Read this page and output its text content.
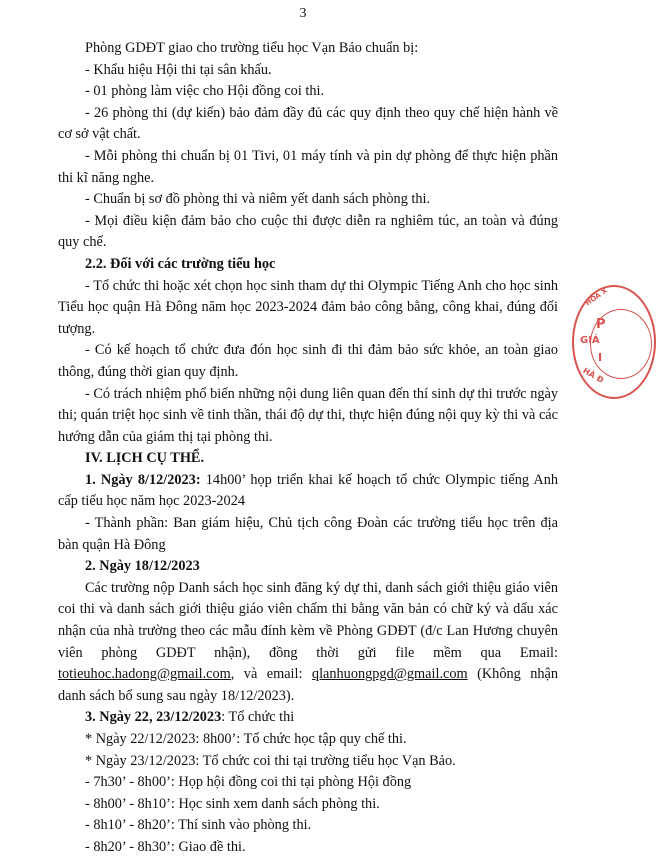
3

Phòng GDĐT giao cho trường tiểu học Vạn Bảo chuẩn bị:

- Khẩu hiệu Hội thi tại sân khấu.

- 01 phòng làm việc cho Hội đồng coi thi.

- 26 phòng thi (dự kiến) bảo đảm đầy đủ các quy định theo quy chế hiện hành về cơ sở vật chất.

- Mỗi phòng thi chuẩn bị 01 Tivi, 01 máy tính và pin dự phòng để thực hiện phần thi kĩ năng nghe.

- Chuẩn bị sơ đồ phòng thi và niêm yết danh sách phòng thi.

- Mọi điều kiện đảm bảo cho cuộc thi được diễn ra nghiêm túc, an toàn và đúng quy chế.

2.2. Đối với các trường tiểu học

- Tổ chức thi hoặc xét chọn học sinh tham dự thi Olympic Tiếng Anh cho học sinh Tiểu học quận Hà Đông năm học 2023-2024 đảm bảo công bằng, công khai, đúng đối tượng.

- Có kế hoạch tổ chức đưa đón học sinh đi thi đảm bảo sức khỏe, an toàn giao thông, đúng thời gian quy định.

- Có trách nhiệm phổ biến những nội dung liên quan đến thí sinh dự thi trước ngày thi; quán triệt học sinh về tinh thần, thái độ dự thi, thực hiện đúng nội quy kỳ thi và các hướng dẫn của giám thị tại phòng thi.

IV. LỊCH CỤ THỂ.

1. Ngày 8/12/2023: 14h00’ họp triển khai kế hoạch tổ chức Olympic tiếng Anh cấp tiểu học năm học 2023-2024

- Thành phần: Ban giám hiệu, Chủ tịch công Đoàn các trường tiểu học trên địa bàn quận Hà Đông

2. Ngày 18/12/2023

Các trường nộp Danh sách học sinh đăng ký dự thi, danh sách giới thiệu giáo viên coi thi và danh sách giới thiệu giáo viên chấm thi bằng văn bản có chữ ký và dấu xác nhận của nhà trường theo các mẫu đính kèm về Phòng GDĐT (đ/c Lan Hương chuyên viên phòng GDĐT nhận), đồng thời gửi file mềm qua Email: totieuhoc.hadong@gmail.com, và email: qlanhuongpgd@gmail.com (Không nhận danh sách bổ sung sau ngày 18/12/2023).

3. Ngày 22, 23/12/2023: Tổ chức thi

* Ngày 22/12/2023: 8h00’: Tổ chức học tập quy chế thi.

* Ngày 23/12/2023: Tổ chức coi thi tại trường tiểu học Vạn Bảo.

- 7h30’ - 8h00’: Họp hội đồng coi thi tại phòng Hội đồng

- 8h00’ - 8h10’: Học sinh xem danh sách phòng thi.

- 8h10’ - 8h20’: Thí sinh vào phòng thi.

- 8h20’ - 8h30’: Giao đề thi.

HÒA X
P
GIÁ
I
HÀ Đ
